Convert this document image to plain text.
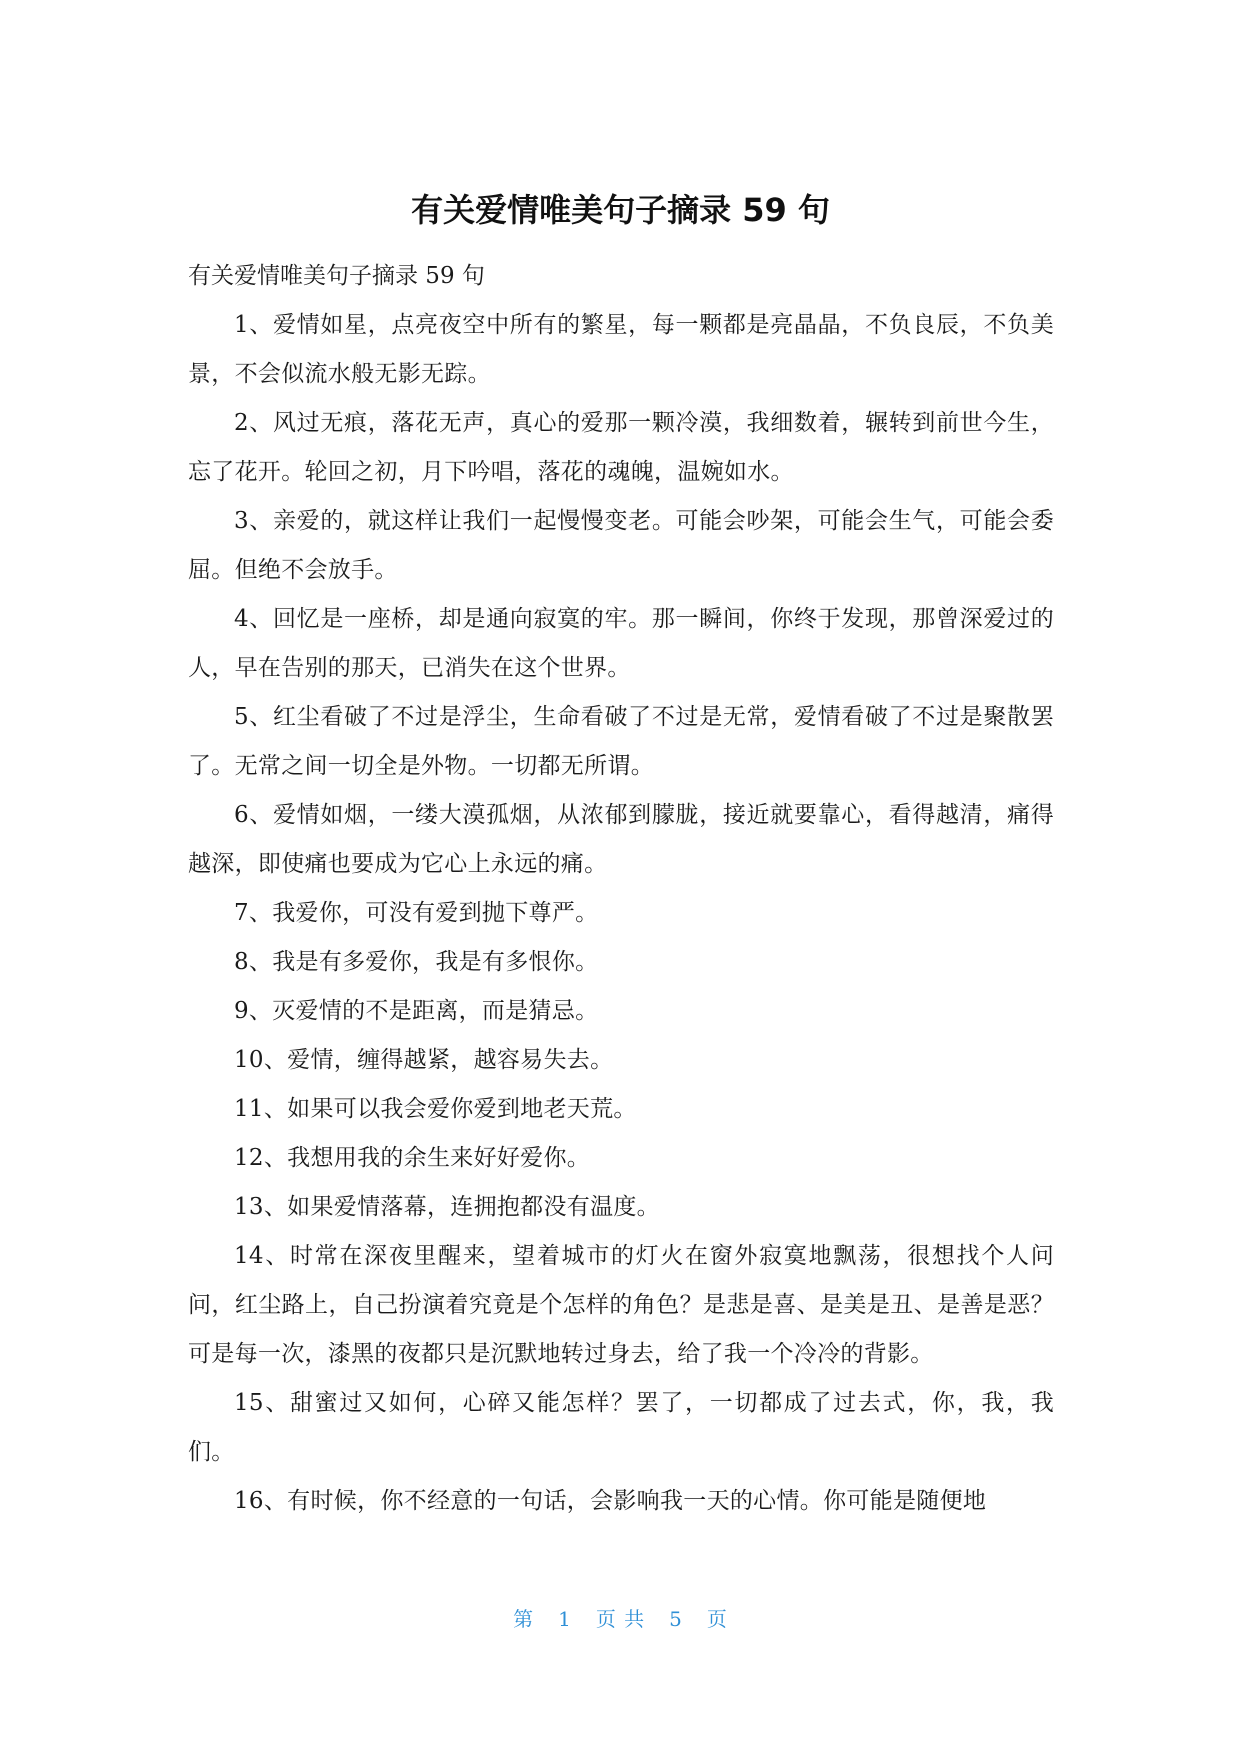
有关爱情唯美句子摘录 59 句

有关爱情唯美句子摘录 59 句

1、爱情如星，点亮夜空中所有的繁星，每一颗都是亮晶晶，不负良辰，不负美景，不会似流水般无影无踪。

2、风过无痕，落花无声，真心的爱那一颗冷漠，我细数着，辗转到前世今生，忘了花开。轮回之初，月下吟唱，落花的魂魄，温婉如水。

3、亲爱的，就这样让我们一起慢慢变老。可能会吵架，可能会生气，可能会委屈。但绝不会放手。

4、回忆是一座桥，却是通向寂寞的牢。那一瞬间，你终于发现，那曾深爱过的人，早在告别的那天，已消失在这个世界。

5、红尘看破了不过是浮尘，生命看破了不过是无常，爱情看破了不过是聚散罢了。无常之间一切全是外物。一切都无所谓。

6、爱情如烟，一缕大漠孤烟，从浓郁到朦胧，接近就要靠心，看得越清，痛得越深，即使痛也要成为它心上永远的痛。

7、我爱你，可没有爱到抛下尊严。

8、我是有多爱你，我是有多恨你。

9、灭爱情的不是距离，而是猜忌。

10、爱情，缠得越紧，越容易失去。

11、如果可以我会爱你爱到地老天荒。

12、我想用我的余生来好好爱你。

13、如果爱情落幕，连拥抱都没有温度。

14、时常在深夜里醒来，望着城市的灯火在窗外寂寞地飘荡，很想找个人问问，红尘路上，自己扮演着究竟是个怎样的角色？是悲是喜、是美是丑、是善是恶？可是每一次，漆黑的夜都只是沉默地转过身去，给了我一个冷冷的背影。

15、甜蜜过又如何，心碎又能怎样？罢了，一切都成了过去式，你，我，我们。

16、有时候，你不经意的一句话，会影响我一天的心情。你可能是随便地

第 1 页 共 5 页
